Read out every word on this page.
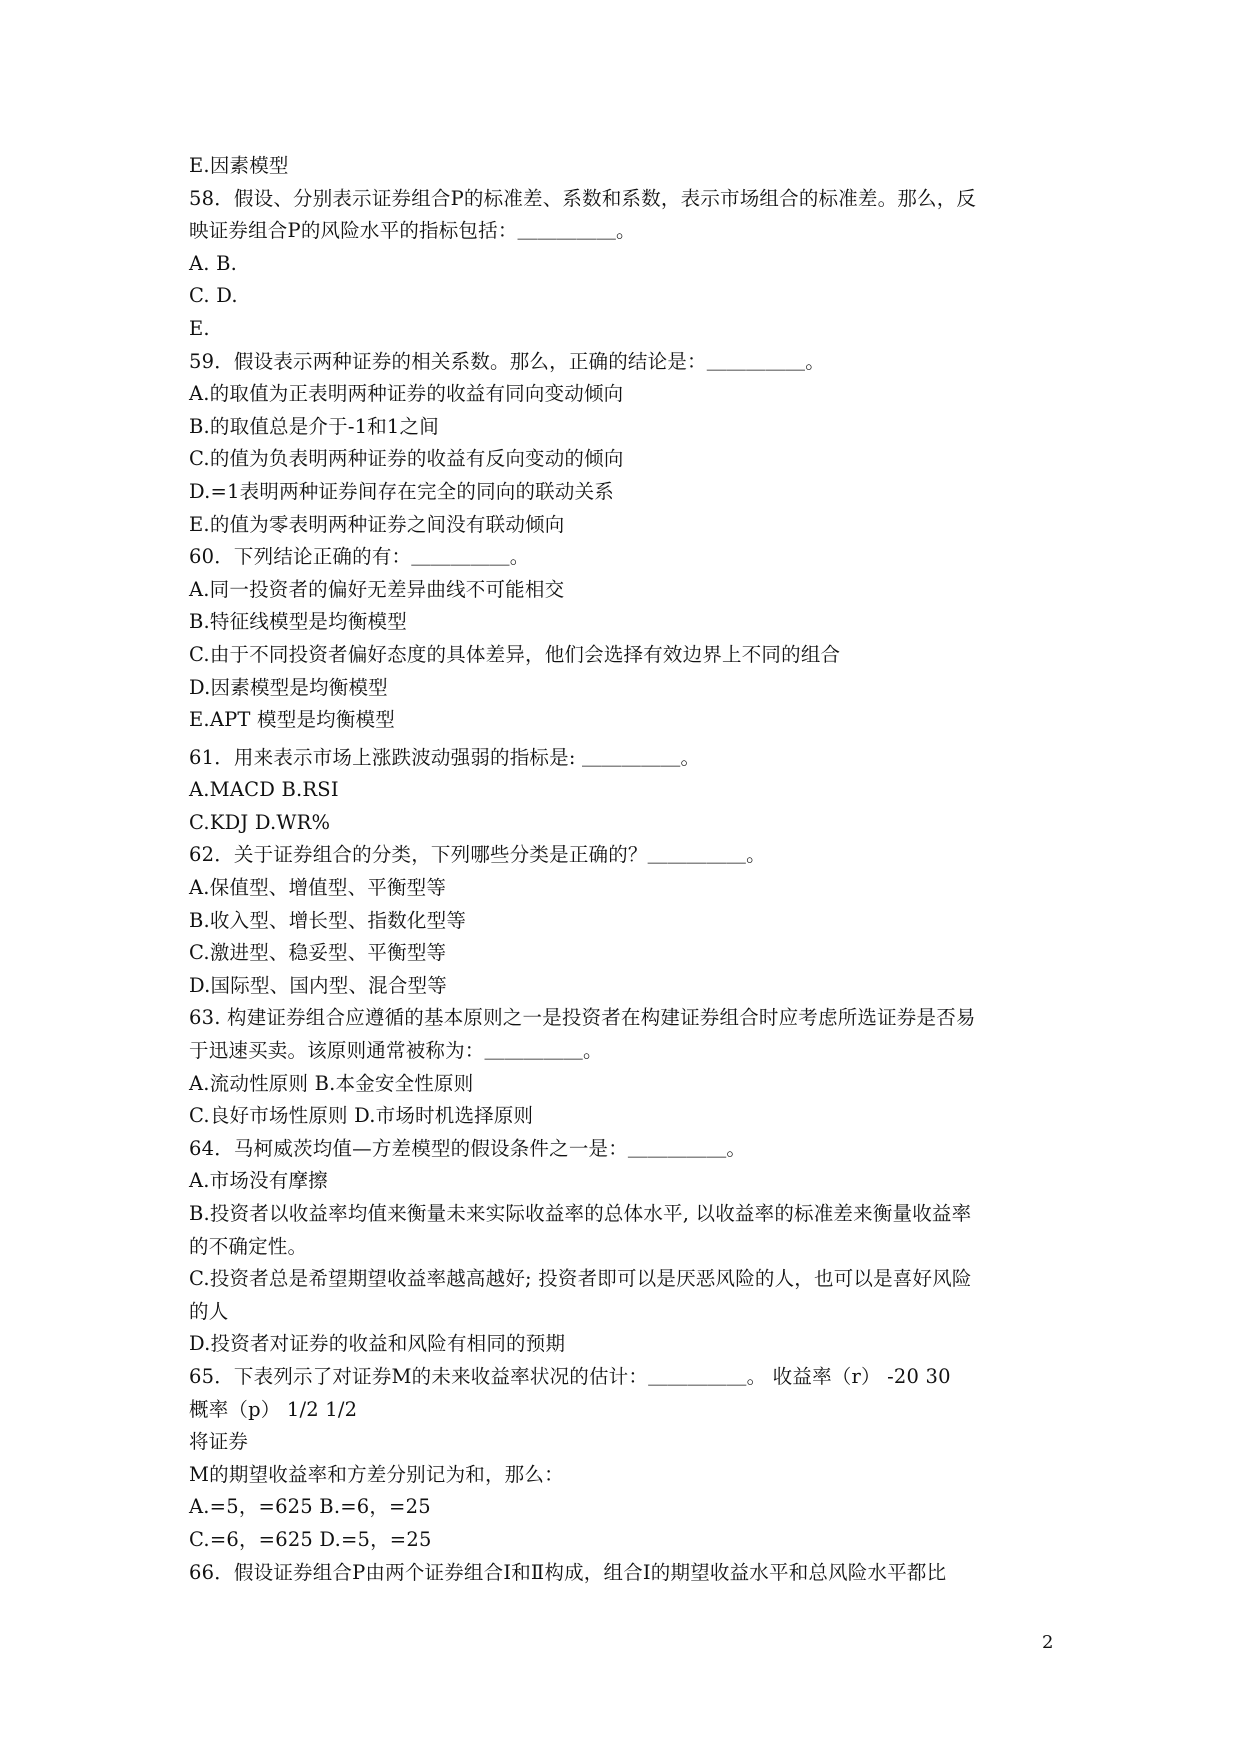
E.因素模型
58．假设、分别表示证券组合P的标准差、系数和系数，表示市场组合的标准差。那么，反
映证券组合P的风险水平的指标包括：＿＿＿＿＿。
A. B.
C. D.
E.
59．假设表示两种证券的相关系数。那么，正确的结论是：＿＿＿＿＿。
A.的取值为正表明两种证券的收益有同向变动倾向
B.的取值总是介于-1和1之间
C.的值为负表明两种证券的收益有反向变动的倾向
D.=1表明两种证券间存在完全的同向的联动关系
E.的值为零表明两种证券之间没有联动倾向
60．下列结论正确的有：＿＿＿＿＿。
A.同一投资者的偏好无差异曲线不可能相交
B.特征线模型是均衡模型
C.由于不同投资者偏好态度的具体差异，他们会选择有效边界上不同的组合
D.因素模型是均衡模型
E.APT 模型是均衡模型
61．用来表示市场上涨跌波动强弱的指标是: ＿＿＿＿＿。
A.MACD B.RSI
C.KDJ D.WR%
62．关于证券组合的分类，下列哪些分类是正确的？＿＿＿＿＿。
A.保值型、增值型、平衡型等
B.收入型、增长型、指数化型等
C.激进型、稳妥型、平衡型等
D.国际型、国内型、混合型等
63. 构建证券组合应遵循的基本原则之一是投资者在构建证券组合时应考虑所选证券是否易
于迅速买卖。该原则通常被称为：＿＿＿＿＿。
A.流动性原则 B.本金安全性原则
C.良好市场性原则 D.市场时机选择原则
64．马柯威茨均值—方差模型的假设条件之一是：＿＿＿＿＿。
A.市场没有摩擦
B.投资者以收益率均值来衡量未来实际收益率的总体水平, 以收益率的标准差来衡量收益率
的不确定性。
C.投资者总是希望期望收益率越高越好; 投资者即可以是厌恶风险的人，也可以是喜好风险
的人
D.投资者对证券的收益和风险有相同的预期
65．下表列示了对证券M的未来收益率状况的估计：＿＿＿＿＿。 收益率（r） -20 30
概率（p） 1/2 1/2
将证券
M的期望收益率和方差分别记为和，那么：
A.=5，=625 B.=6，=25
C.=6，=625 D.=5，=25
66．假设证券组合P由两个证券组合Ⅰ和Ⅱ构成，组合Ⅰ的期望收益水平和总风险水平都比
2
